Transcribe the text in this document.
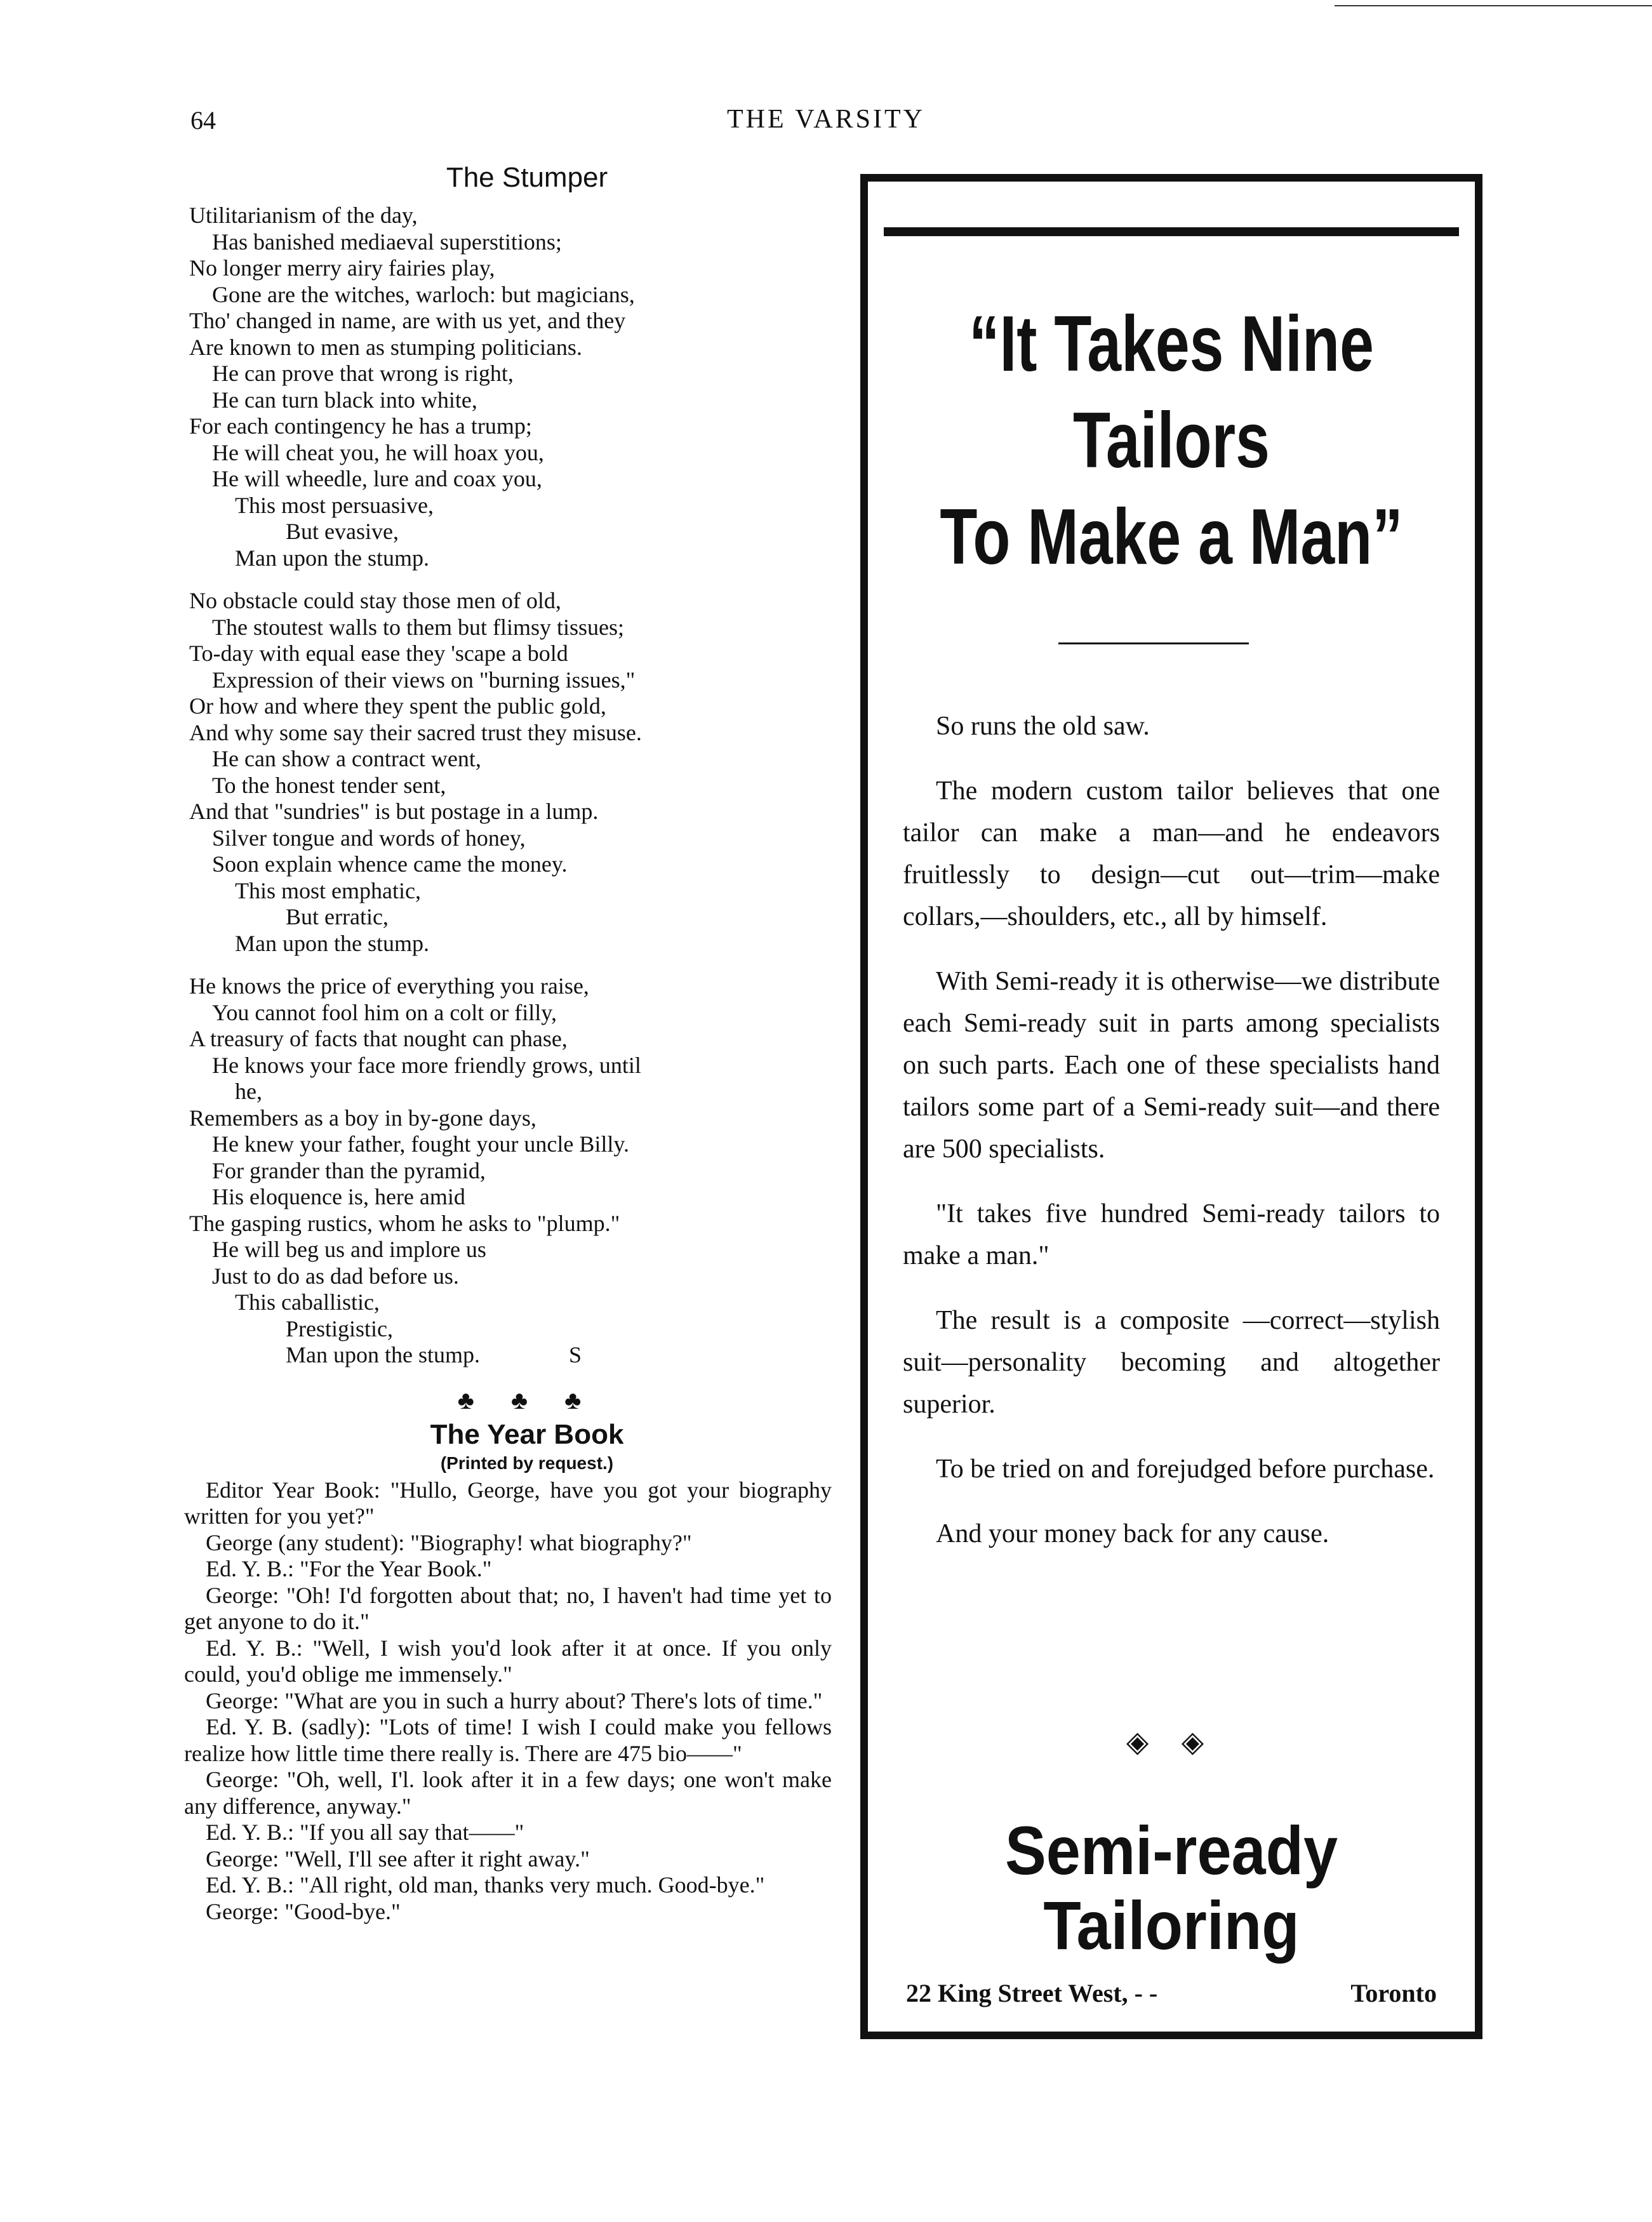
64	THE VARSITY
The Stumper
Utilitarianism of the day,
Has banished mediaeval superstitions;
No longer merry airy fairies play,
Gone are the witches, warloch: but magicians,
Tho' changed in name, are with us yet, and they
Are known to men as stumping politicians.
He can prove that wrong is right,
He can turn black into white,
For each contingency he has a trump;
He will cheat you, he will hoax you,
He will wheedle, lure and coax you,
This most persuasive,
But evasive,
Man upon the stump.
No obstacle could stay those men of old,
The stoutest walls to them but flimsy tissues;
To-day with equal ease they 'scape a bold
Expression of their views on "burning issues,"
Or how and where they spent the public gold,
And why some say their sacred trust they misuse.
He can show a contract went,
To the honest tender sent,
And that "sundries" is but postage in a lump.
Silver tongue and words of honey,
Soon explain whence came the money.
This most emphatic,
But erratic,
Man upon the stump.
He knows the price of everything you raise,
You cannot fool him on a colt or filly,
A treasury of facts that nought can phase,
He knows your face more friendly grows, until
he,
Remembers as a boy in by-gone days,
He knew your father, fought your uncle Billy.
For grander than the pyramid,
His eloquence is, here amid
The gasping rustics, whom he asks to "plump."
He will beg us and implore us
Just to do as dad before us.
This caballistic,
Prestigistic,
Man upon the stump.	S
♣ ♣ ♣
The Year Book
(Printed by request.)

Editor Year Book: "Hullo, George, have you got your biography written for you yet?"

George (any student): "Biography! what biography?"

Ed. Y. B.: "For the Year Book."

George: "Oh! I'd forgotten about that; no, I haven't had time yet to get anyone to do it."

Ed. Y. B.: "Well, I wish you'd look after it at once. If you only could, you'd oblige me immensely."

George: "What are you in such a hurry about? There's lots of time."

Ed. Y. B. (sadly): "Lots of time! I wish I could make you fellows realize how little time there really is. There are 475 bio——"

George: "Oh, well, I'l. look after it in a few days; one won't make any difference, anyway."

Ed. Y. B.: "If you all say that——"

George: "Well, I'll see after it right away."

Ed. Y. B.: "All right, old man, thanks very much. Good-bye."

George: "Good-bye."

“It Takes Nine
Tailors
To Make a Man”

So runs the old saw.

The modern custom tailor believes that one tailor can make a man—and he endeavors fruitlessly to design—cut out—trim—make collars,—shoulders, etc., all by himself.

With Semi-ready it is otherwise—we distribute each Semi-ready suit in parts among specialists on such parts. Each one of these specialists hand tailors some part of a Semi-ready suit—and there are 500 specialists.

"It takes five hundred Semi-ready tailors to make a man."

The result is a composite —correct—stylish suit—personality becoming and altogether superior.

To be tried on and forejudged before purchase.

And your money back for any cause.

◈ ◈
Semi-ready
Tailoring
22 King Street West, - -	Toronto
